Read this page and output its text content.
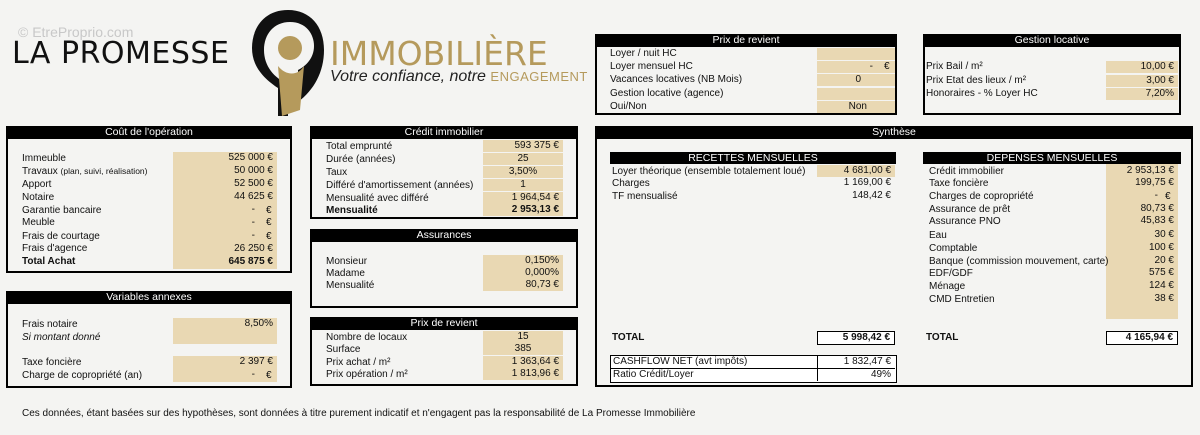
© EtreProprio.com
LA PROMESSE	IMMOBILIÈRE
Votre confiance, notre ENGAGEMENT
Prix de revient
Loyer / nuit HC
Loyer mensuel HC	-	€
Vacances locatives (NB Mois)	0
Gestion locative (agence)
Oui/Non	Non
Gestion locative
Prix Bail / m²	10,00 €
Prix Etat des lieux / m²	3,00 €
Honoraires - % Loyer HC	7,20%
Coût de l'opération
Immeuble	525 000 €
Travaux (plan, suivi, réalisation)	50 000 €
Apport	52 500 €
Notaire	44 625 €
Garantie bancaire	-	€
Meuble	-	€
Frais de courtage	-	€
Frais d'agence	26 250 €
Total Achat	645 875 €
Crédit immobilier
Total emprunté	593 375 €
Durée (années)	25
Taux	3,50%
Différé d'amortissement (années)	1
Mensualité avec différé	1 964,54 €
Mensualité	2 953,13 €
Assurances
Monsieur	0,150%
Madame	0,000%
Mensualité	80,73 €
Variables annexes
Frais notaire	8,50%
Si montant donné
Taxe foncière	2 397 €
Charge de copropriété (an)	-	€
Prix de revient
Nombre de locaux	15
Surface	385
Prix achat / m²	1 363,64 €
Prix opération / m²	1 813,96 €
Synthèse
RECETTES MENSUELLES
Loyer théorique (ensemble totalement loué)	4 681,00 €
Charges	1 169,00 €
TF mensualisé	148,42 €
TOTAL	5 998,42 €
CASHFLOW NET (avt impôts)	1 832,47 €
Ratio Crédit/Loyer	49%
DEPENSES MENSUELLES
Crédit immobilier	2 953,13 €
Taxe foncière	199,75 €
Charges de copropriété	- €
Assurance de prêt	80,73 €
Assurance PNO	45,83 €
Eau	30 €
Comptable	100 €
Banque (commission mouvement, carte)	20 €
EDF/GDF	575 €
Ménage	124 €
CMD Entretien	38 €
TOTAL	4 165,94 €
Ces données, étant basées sur des hypothèses, sont données à titre purement indicatif et n'engagent pas la responsabilité de La Promesse Immobilière
